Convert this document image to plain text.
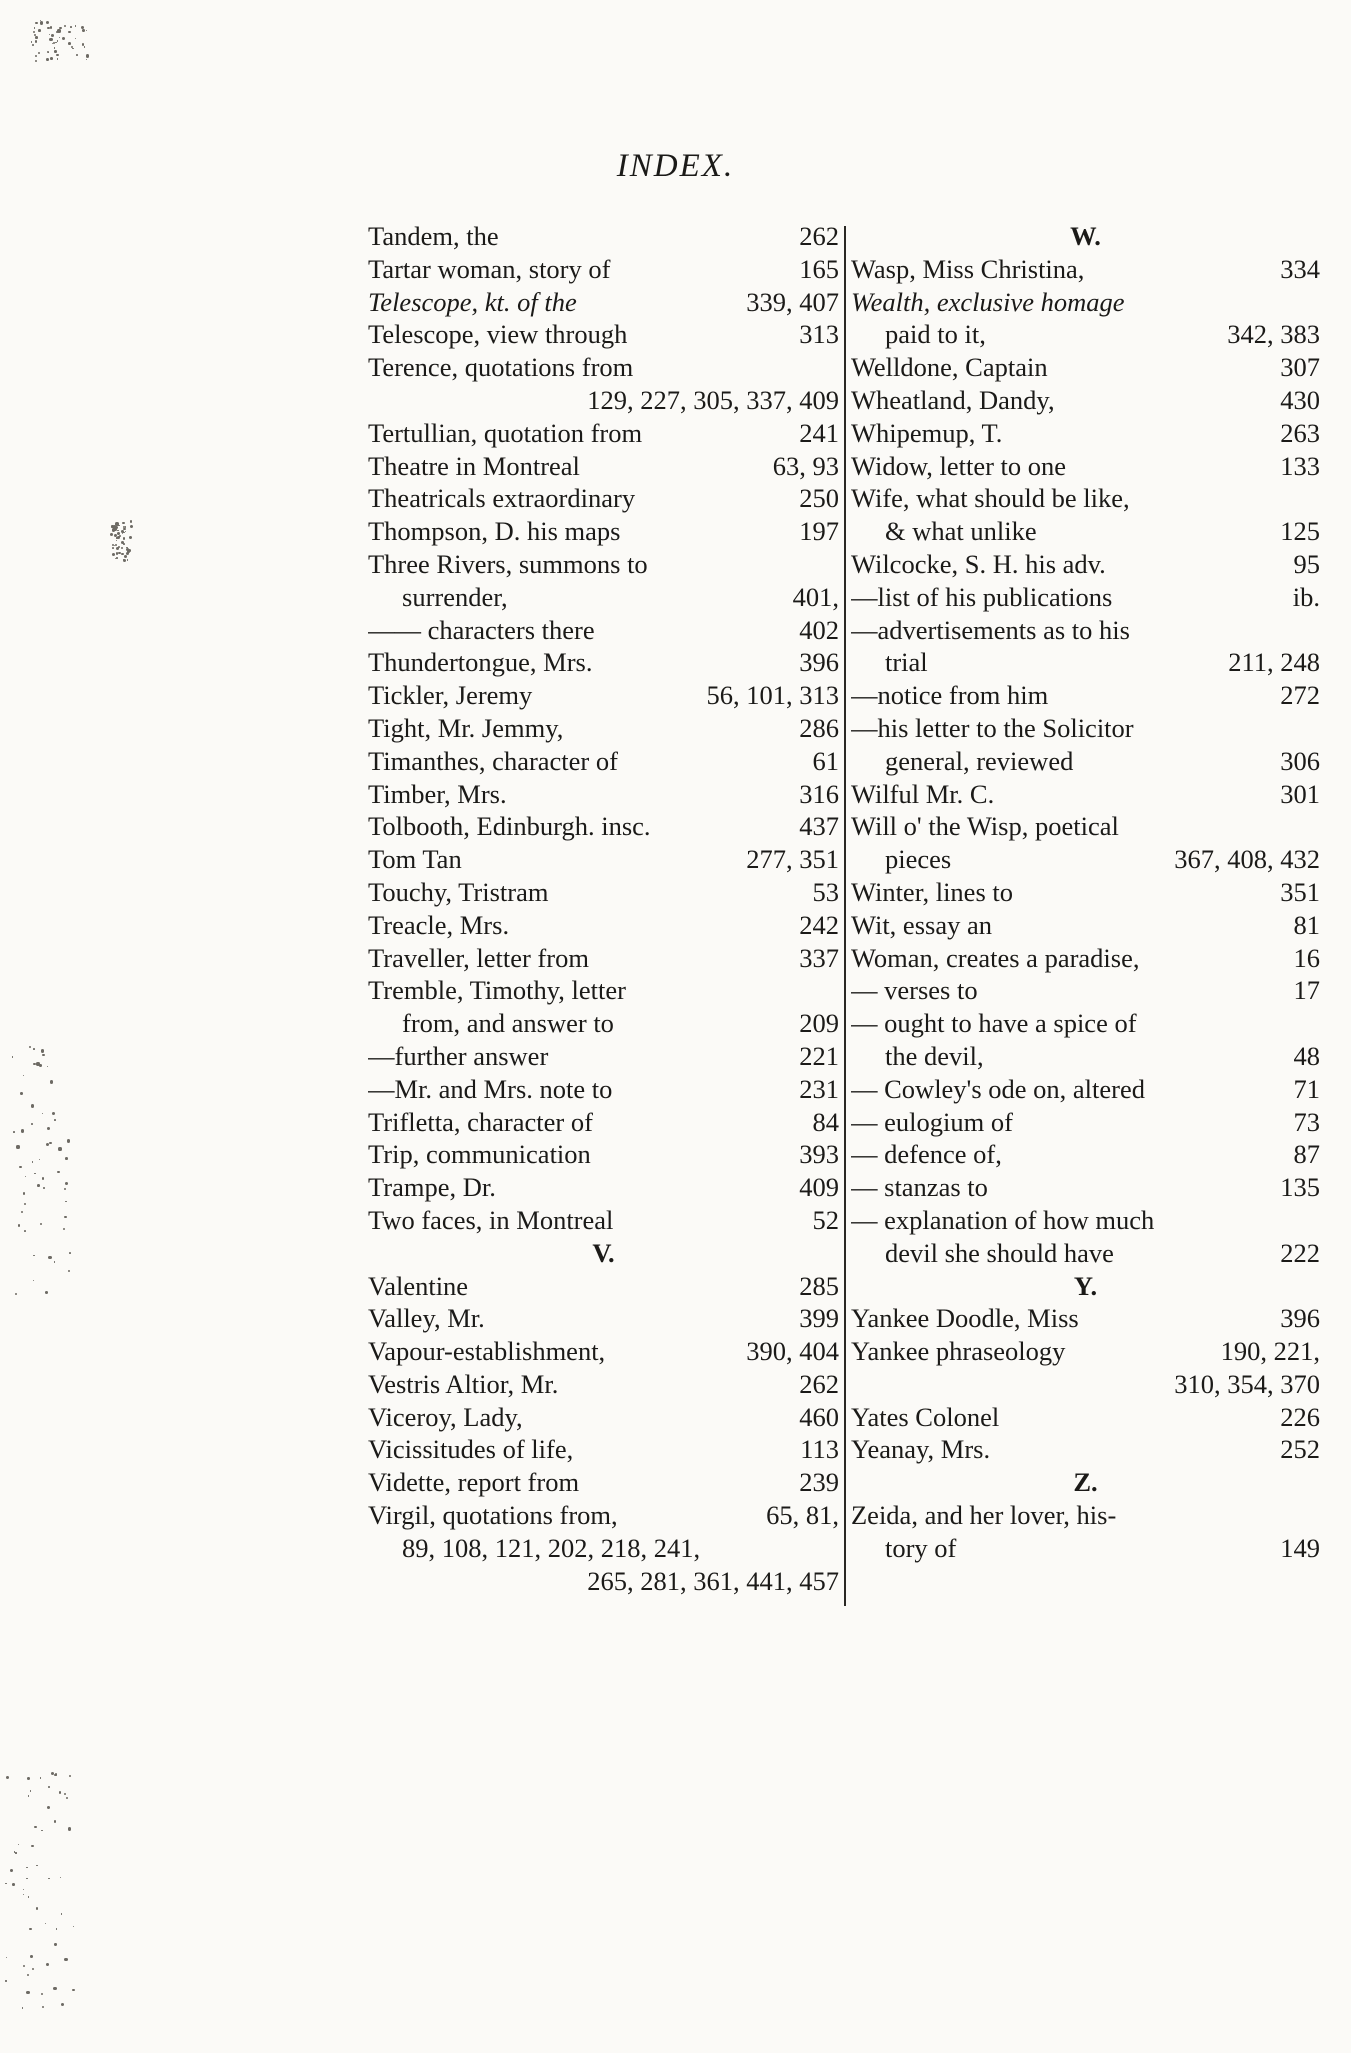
INDEX.
Tandem, the	262
Tartar woman, story of	165
Telescope, kt. of the	339, 407
Telescope, view through	313
Terence, quotations from
129, 227, 305, 337, 409
Tertullian, quotation from	241
Theatre in Montreal	63, 93
Theatricals extraordinary	250
Thompson, D. his maps	197
Three Rivers, summons to
surrender,	401,
—— characters there	402
Thundertongue, Mrs.	396
Tickler, Jeremy	56, 101, 313
Tight, Mr. Jemmy,	286
Timanthes, character of	61
Timber, Mrs.	316
Tolbooth, Edinburgh. insc.	437
Tom Tan	277, 351
Touchy, Tristram	53
Treacle, Mrs.	242
Traveller, letter from	337
Tremble, Timothy, letter
from, and answer to	209
—further answer	221
—Mr. and Mrs. note to	231
Trifletta, character of	84
Trip, communication	393
Trampe, Dr.	409
Two faces, in Montreal	52
V.
Valentine	285
Valley, Mr.	399
Vapour-establishment,	390, 404
Vestris Altior, Mr.	262
Viceroy, Lady,	460
Vicissitudes of life,	113
Vidette, report from	239
Virgil, quotations from,	65, 81,
89, 108, 121, 202, 218, 241,
265, 281, 361, 441, 457
W.
Wasp, Miss Christina,	334
Wealth, exclusive homage
paid to it,	342, 383
Welldone, Captain	307
Wheatland, Dandy,	430
Whipemup, T.	263
Widow, letter to one	133
Wife, what should be like,
& what unlike	125
Wilcocke, S. H. his adv.	95
—list of his publications	ib.
—advertisements as to his
trial	211, 248
—notice from him	272
—his letter to the Solicitor
general, reviewed	306
Wilful Mr. C.	301
Will o' the Wisp, poetical
pieces	367, 408, 432
Winter, lines to	351
Wit, essay an	81
Woman, creates a paradise,	16
— verses to	17
— ought to have a spice of
the devil,	48
— Cowley's ode on, altered	71
— eulogium of	73
— defence of,	87
— stanzas to	135
— explanation of how much
devil she should have	222
Y.
Yankee Doodle, Miss	396
Yankee phraseology	190, 221,
310, 354, 370
Yates Colonel	226
Yeanay, Mrs.	252
Z.
Zeida, and her lover, his-
tory of	149
